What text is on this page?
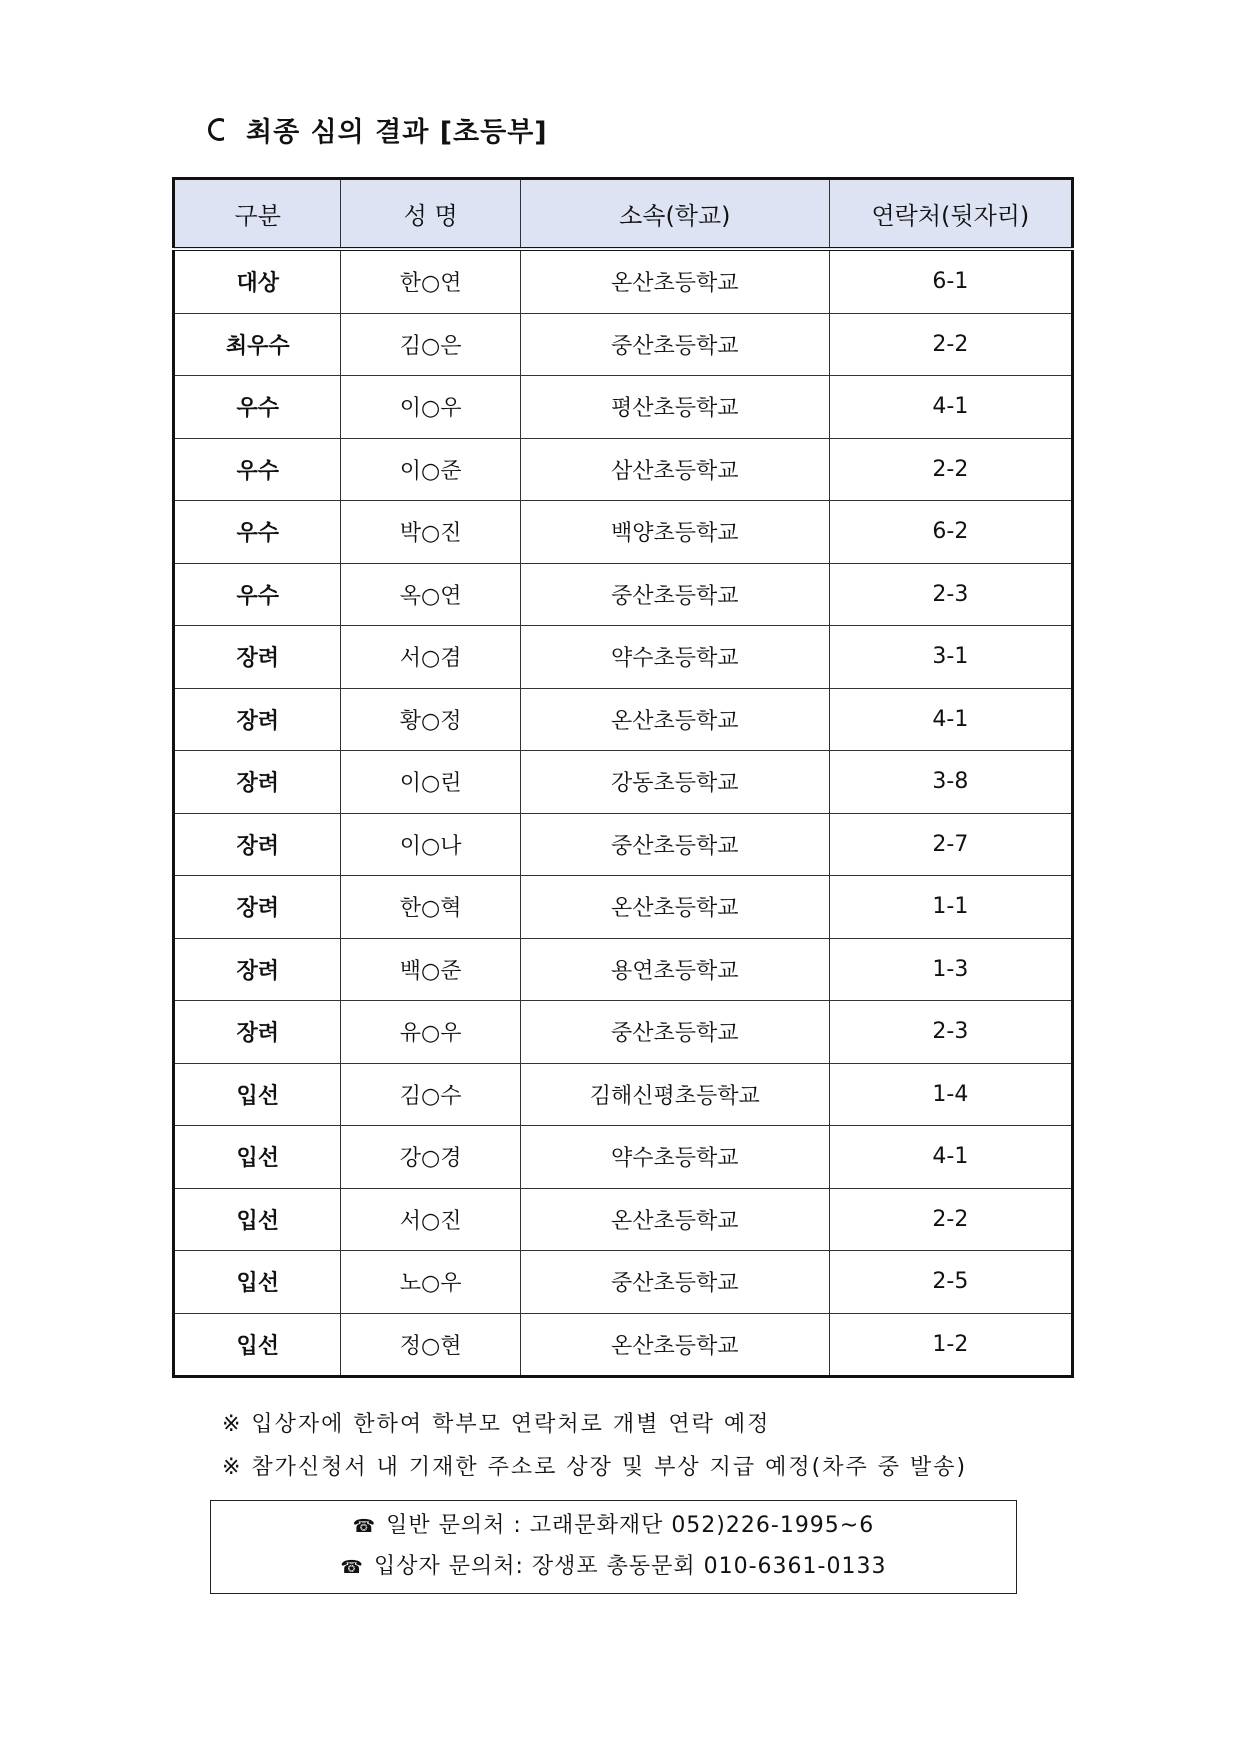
최종 심의 결과 [초등부]
구분	성 명	소속(학교)	연락처(뒷자리)
대상	한○연	온산초등학교	6-1
최우수	김○은	중산초등학교	2-2
우수	이○우	평산초등학교	4-1
우수	이○준	삼산초등학교	2-2
우수	박○진	백양초등학교	6-2
우수	옥○연	중산초등학교	2-3
장려	서○겸	약수초등학교	3-1
장려	황○정	온산초등학교	4-1
장려	이○린	강동초등학교	3-8
장려	이○나	중산초등학교	2-7
장려	한○혁	온산초등학교	1-1
장려	백○준	용연초등학교	1-3
장려	유○우	중산초등학교	2-3
입선	김○수	김해신평초등학교	1-4
입선	강○경	약수초등학교	4-1
입선	서○진	온산초등학교	2-2
입선	노○우	중산초등학교	2-5
입선	정○현	온산초등학교	1-2
※ 입상자에 한하여 학부모 연락처로 개별 연락 예정
※ 참가신청서 내 기재한 주소로 상장 및 부상 지급 예정(차주 중 발송)
☎ 일반 문의처 : 고래문화재단 052)226-1995~6
☎ 입상자 문의처: 장생포 총동문회 010-6361-0133
